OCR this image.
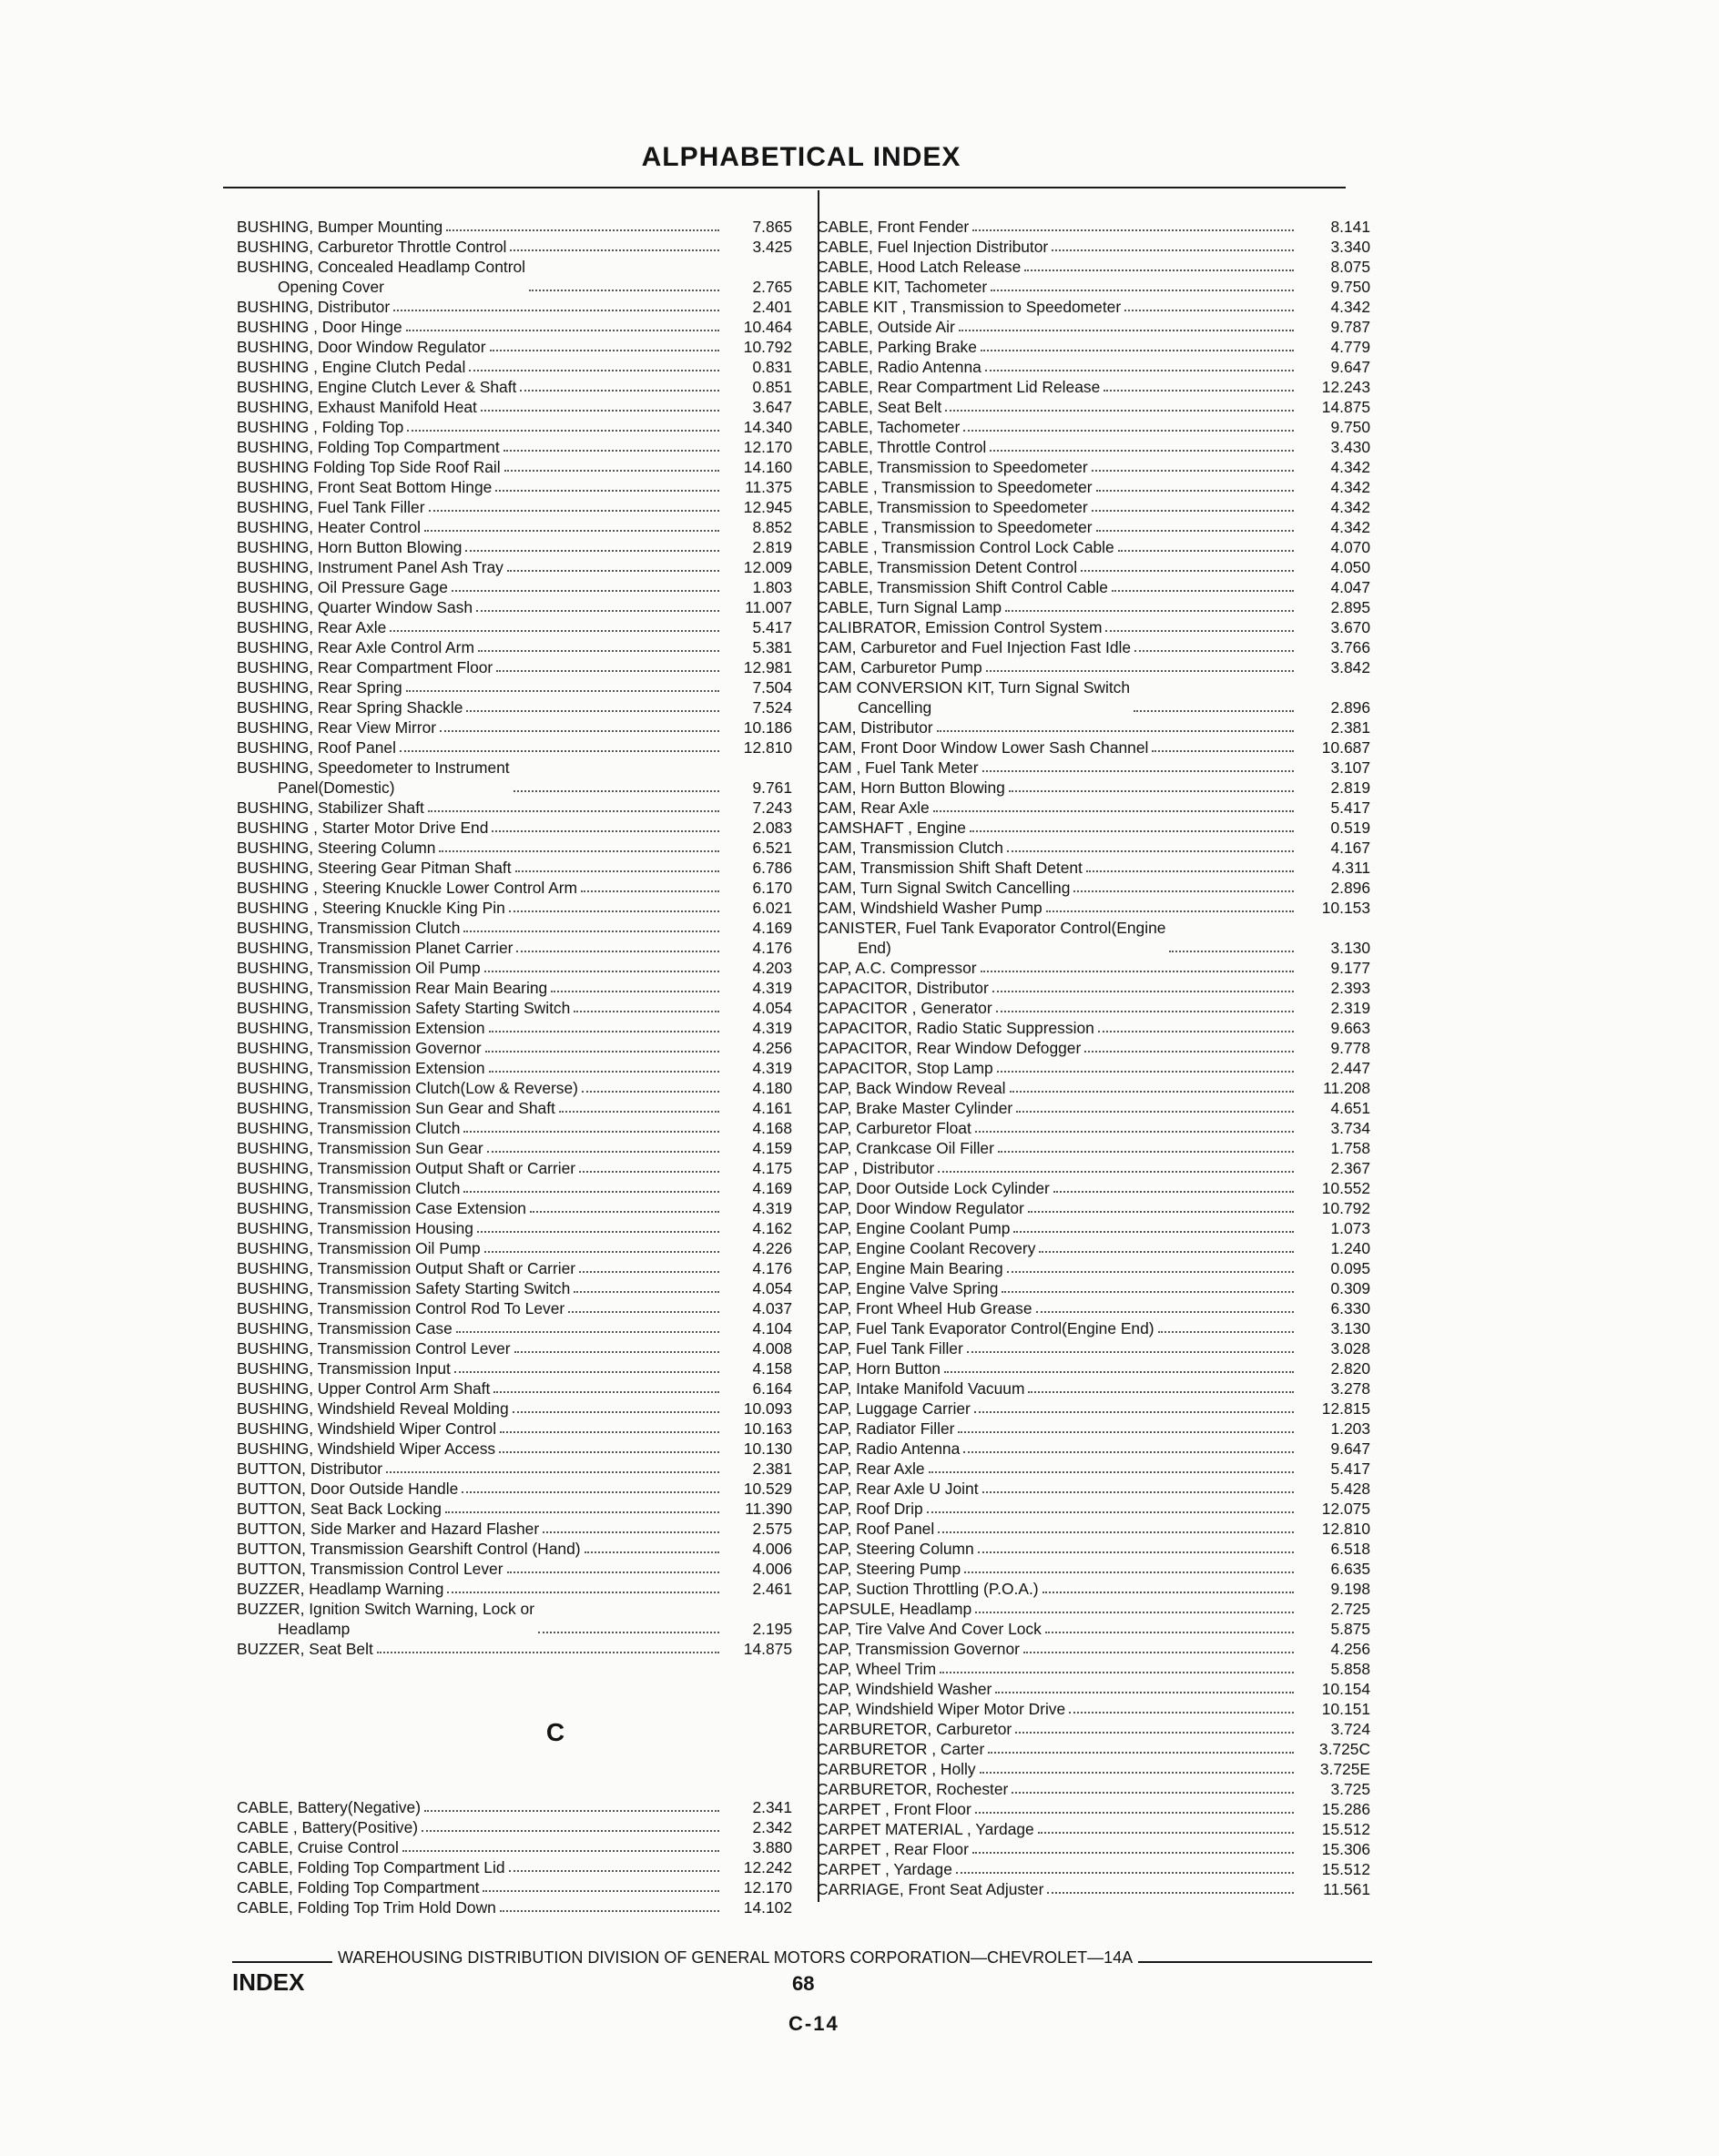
ALPHABETICAL INDEX
BUSHING, Bumper Mounting	7.865
BUSHING, Carburetor Throttle Control	3.425
BUSHING, Concealed Headlamp Control
Opening Cover	2.765
BUSHING, Distributor	2.401
BUSHING , Door Hinge	10.464
BUSHING, Door Window Regulator	10.792
BUSHING , Engine Clutch Pedal	0.831
BUSHING, Engine Clutch Lever & Shaft	0.851
BUSHING, Exhaust Manifold Heat	3.647
BUSHING , Folding Top	14.340
BUSHING, Folding Top Compartment	12.170
BUSHING Folding Top Side Roof Rail	14.160
BUSHING, Front Seat Bottom Hinge	11.375
BUSHING, Fuel Tank Filler	12.945
BUSHING, Heater Control	8.852
BUSHING, Horn Button Blowing	2.819
BUSHING, Instrument Panel Ash Tray	12.009
BUSHING, Oil Pressure Gage	1.803
BUSHING, Quarter Window Sash	11.007
BUSHING, Rear Axle	5.417
BUSHING, Rear Axle Control Arm	5.381
BUSHING, Rear Compartment Floor	12.981
BUSHING, Rear Spring	7.504
BUSHING, Rear Spring Shackle	7.524
BUSHING, Rear View Mirror	10.186
BUSHING, Roof Panel	12.810
BUSHING, Speedometer to Instrument
Panel(Domestic)	9.761
BUSHING, Stabilizer Shaft	7.243
BUSHING , Starter Motor Drive End	2.083
BUSHING, Steering Column	6.521
BUSHING, Steering Gear Pitman Shaft	6.786
BUSHING , Steering Knuckle Lower Control Arm	6.170
BUSHING , Steering Knuckle King Pin	6.021
BUSHING, Transmission Clutch	4.169
BUSHING, Transmission Planet Carrier	4.176
BUSHING, Transmission Oil Pump	4.203
BUSHING, Transmission Rear Main Bearing	4.319
BUSHING, Transmission Safety Starting Switch	4.054
BUSHING, Transmission Extension	4.319
BUSHING, Transmission Governor	4.256
BUSHING, Transmission Extension	4.319
BUSHING, Transmission Clutch(Low & Reverse)	4.180
BUSHING, Transmission Sun Gear and Shaft	4.161
BUSHING, Transmission Clutch	4.168
BUSHING, Transmission Sun Gear	4.159
BUSHING, Transmission Output Shaft or Carrier	4.175
BUSHING, Transmission Clutch	4.169
BUSHING, Transmission Case Extension	4.319
BUSHING, Transmission Housing	4.162
BUSHING, Transmission Oil Pump	4.226
BUSHING, Transmission Output Shaft or Carrier	4.176
BUSHING, Transmission Safety Starting Switch	4.054
BUSHING, Transmission Control Rod To Lever	4.037
BUSHING, Transmission Case	4.104
BUSHING, Transmission Control Lever	4.008
BUSHING, Transmission Input	4.158
BUSHING, Upper Control Arm Shaft	6.164
BUSHING, Windshield Reveal Molding	10.093
BUSHING, Windshield Wiper Control	10.163
BUSHING, Windshield Wiper Access	10.130
BUTTON, Distributor	2.381
BUTTON, Door Outside Handle	10.529
BUTTON, Seat Back Locking	11.390
BUTTON, Side Marker and Hazard Flasher	2.575
BUTTON, Transmission Gearshift Control (Hand)	4.006
BUTTON, Transmission Control Lever	4.006
BUZZER, Headlamp Warning	2.461
BUZZER, Ignition Switch Warning, Lock or
Headlamp	2.195
BUZZER, Seat Belt	14.875
C
CABLE, Battery(Negative)	2.341
CABLE , Battery(Positive)	2.342
CABLE, Cruise Control	3.880
CABLE, Folding Top Compartment Lid	12.242
CABLE, Folding Top Compartment	12.170
CABLE, Folding Top Trim Hold Down	14.102
CABLE, Front Fender	8.141
CABLE, Fuel Injection Distributor	3.340
CABLE, Hood Latch Release	8.075
CABLE KIT, Tachometer	9.750
CABLE KIT , Transmission to Speedometer	4.342
CABLE, Outside Air	9.787
CABLE, Parking Brake	4.779
CABLE, Radio Antenna	9.647
CABLE, Rear Compartment Lid Release	12.243
CABLE, Seat Belt	14.875
CABLE, Tachometer	9.750
CABLE, Throttle Control	3.430
CABLE, Transmission to Speedometer	4.342
CABLE , Transmission to Speedometer	4.342
CABLE, Transmission to Speedometer	4.342
CABLE , Transmission to Speedometer	4.342
CABLE , Transmission Control Lock Cable	4.070
CABLE, Transmission Detent Control	4.050
CABLE, Transmission Shift Control Cable	4.047
CABLE, Turn Signal Lamp	2.895
CALIBRATOR, Emission Control System	3.670
CAM, Carburetor and Fuel Injection Fast Idle	3.766
CAM, Carburetor Pump	3.842
CAM CONVERSION KIT, Turn Signal Switch
Cancelling	2.896
CAM, Distributor	2.381
CAM, Front Door Window Lower Sash Channel	10.687
CAM , Fuel Tank Meter	3.107
CAM, Horn Button Blowing	2.819
CAM, Rear Axle	5.417
CAMSHAFT , Engine	0.519
CAM, Transmission Clutch	4.167
CAM, Transmission Shift Shaft Detent	4.311
CAM, Turn Signal Switch Cancelling	2.896
CAM, Windshield Washer Pump	10.153
CANISTER, Fuel Tank Evaporator Control(Engine
End)	3.130
CAP, A.C. Compressor	9.177
CAPACITOR, Distributor	2.393
CAPACITOR , Generator	2.319
CAPACITOR, Radio Static Suppression	9.663
CAPACITOR, Rear Window Defogger	9.778
CAPACITOR, Stop Lamp	2.447
CAP, Back Window Reveal	11.208
CAP, Brake Master Cylinder	4.651
CAP, Carburetor Float	3.734
CAP, Crankcase Oil Filler	1.758
CAP , Distributor	2.367
CAP, Door Outside Lock Cylinder	10.552
CAP, Door Window Regulator	10.792
CAP, Engine Coolant Pump	1.073
CAP, Engine Coolant Recovery	1.240
CAP, Engine Main Bearing	0.095
CAP, Engine Valve Spring	0.309
CAP, Front Wheel Hub Grease	6.330
CAP, Fuel Tank Evaporator Control(Engine End)	3.130
CAP, Fuel Tank Filler	3.028
CAP, Horn Button	2.820
CAP, Intake Manifold Vacuum	3.278
CAP, Luggage Carrier	12.815
CAP, Radiator Filler	1.203
CAP, Radio Antenna	9.647
CAP, Rear Axle	5.417
CAP, Rear Axle U Joint	5.428
CAP, Roof Drip	12.075
CAP, Roof Panel	12.810
CAP, Steering Column	6.518
CAP, Steering Pump	6.635
CAP, Suction Throttling (P.O.A.)	9.198
CAPSULE, Headlamp	2.725
CAP, Tire Valve And Cover Lock	5.875
CAP, Transmission Governor	4.256
CAP, Wheel Trim	5.858
CAP, Windshield Washer	10.154
CAP, Windshield Wiper Motor Drive	10.151
CARBURETOR, Carburetor	3.724
CARBURETOR , Carter	3.725C
CARBURETOR , Holly	3.725E
CARBURETOR, Rochester	3.725
CARPET , Front Floor	15.286
CARPET MATERIAL , Yardage	15.512
CARPET , Rear Floor	15.306
CARPET , Yardage	15.512
CARRIAGE, Front Seat Adjuster	11.561
WAREHOUSING DISTRIBUTION DIVISION OF GENERAL MOTORS CORPORATION—CHEVROLET—14A
INDEX	68
C-14
